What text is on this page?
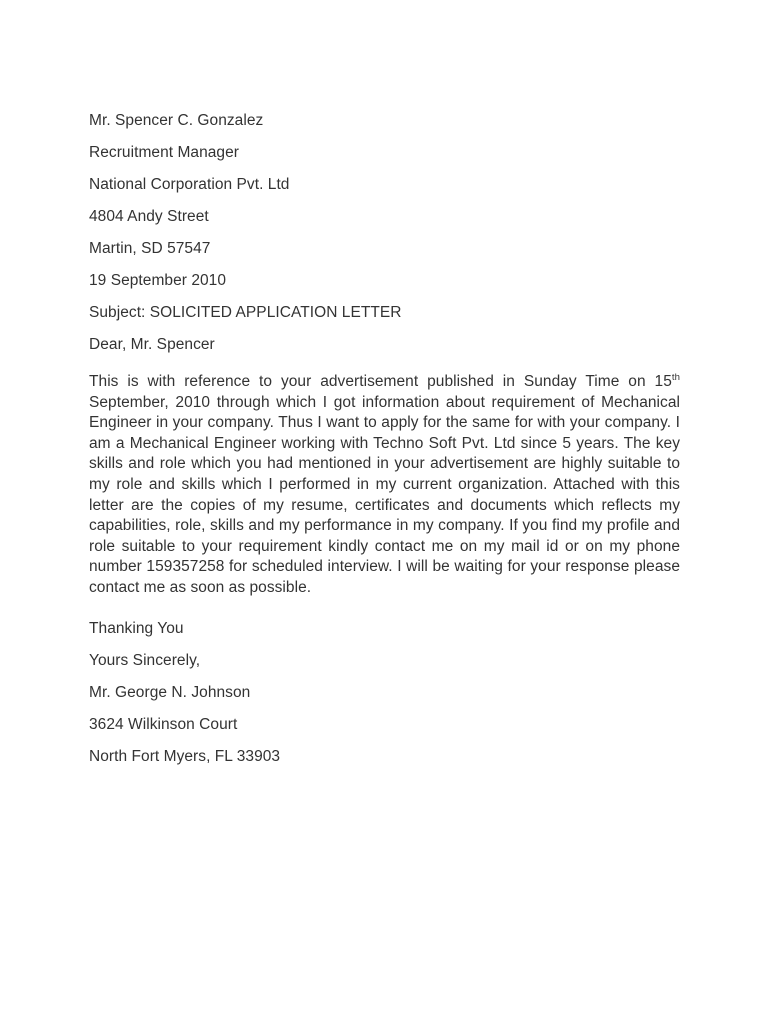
Mr. Spencer C. Gonzalez
Recruitment Manager
National Corporation Pvt. Ltd
4804 Andy Street
Martin, SD 57547
19 September 2010
Subject: SOLICITED APPLICATION LETTER
Dear, Mr. Spencer

This is with reference to your advertisement published in Sunday Time on 15th September, 2010 through which I got information about requirement of Mechanical Engineer in your company. Thus I want to apply for the same for with your company. I am a Mechanical Engineer working with Techno Soft Pvt. Ltd since 5 years. The key skills and role which you had mentioned in your advertisement are highly suitable to my role and skills which I performed in my current organization. Attached with this letter are the copies of my resume, certificates and documents which reflects my capabilities, role, skills and my performance in my company. If you find my profile and role suitable to your requirement kindly contact me on my mail id or on my phone number 159357258 for scheduled interview. I will be waiting for your response please contact me as soon as possible.

Thanking You
Yours Sincerely,
Mr. George N. Johnson
3624 Wilkinson Court
North Fort Myers, FL 33903
